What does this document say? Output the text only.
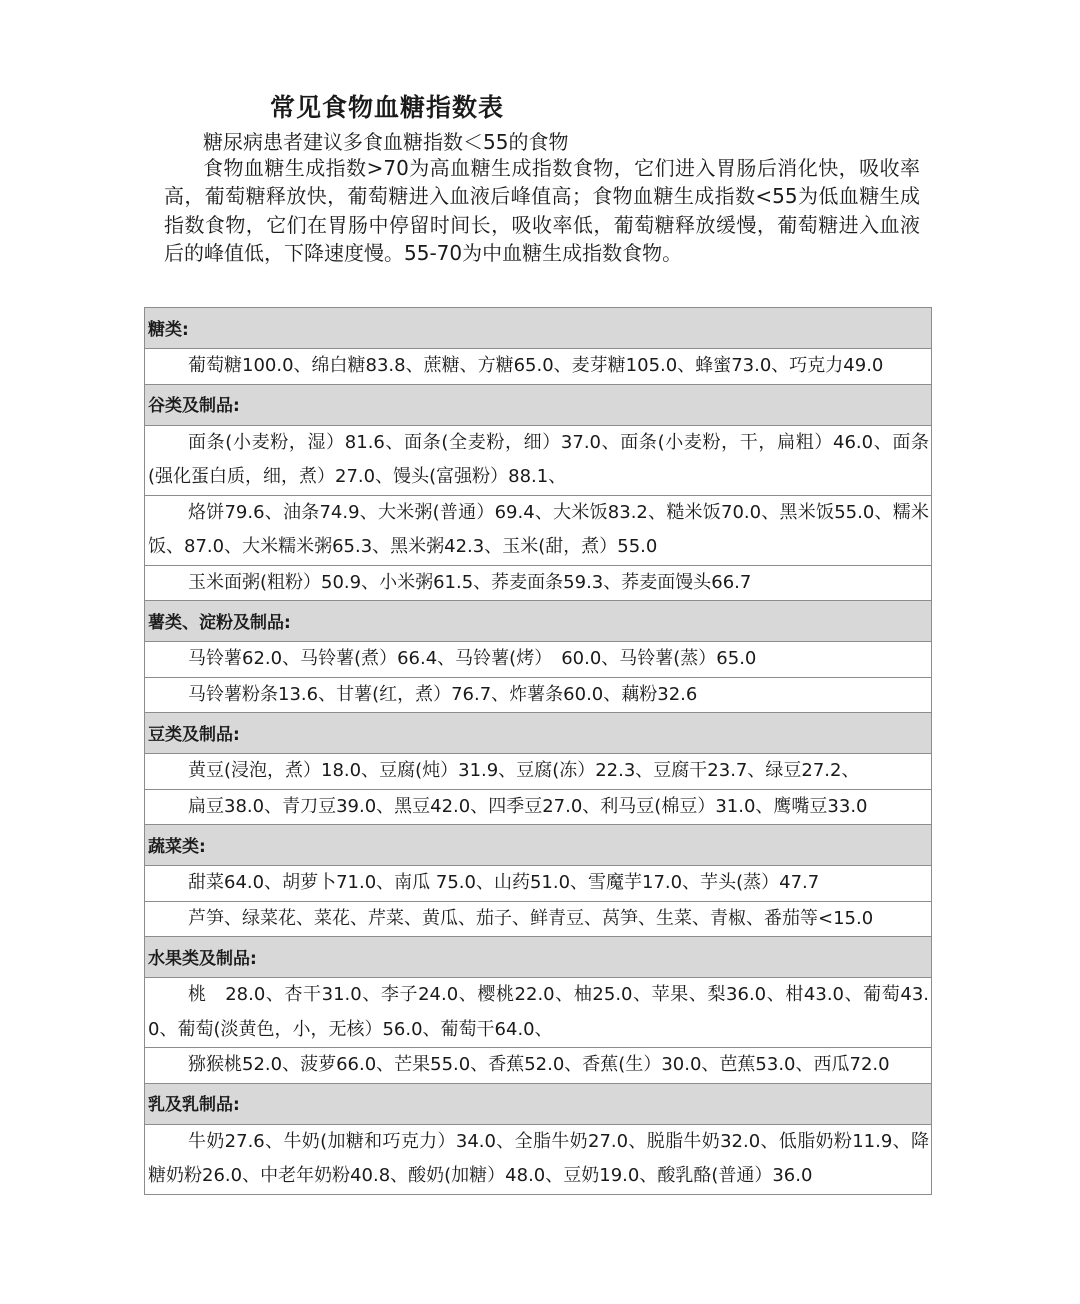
常见食物血糖指数表

糖尿病患者建议多食血糖指数＜55的食物

食物血糖生成指数>70为高血糖生成指数食物，它们进入胃肠后消化快，吸收率高，葡萄糖释放快，葡萄糖进入血液后峰值高；食物血糖生成指数<55为低血糖生成指数食物，它们在胃肠中停留时间长，吸收率低，葡萄糖释放缓慢，葡萄糖进入血液后的峰值低，下降速度慢。55-70为中血糖生成指数食物。

糖类:
葡萄糖100.0、绵白糖83.8、蔗糖、方糖65.0、麦芽糖105.0、蜂蜜73.0、巧克力49.0
谷类及制品:
面条(小麦粉，湿）81.6、面条(全麦粉，细）37.0、面条(小麦粉，干，扁粗）46.0、面条(强化蛋白质，细，煮）27.0、馒头(富强粉）88.1、
烙饼79.6、油条74.9、大米粥(普通）69.4、大米饭83.2、糙米饭70.0、黑米饭55.0、糯米饭、87.0、大米糯米粥65.3、黑米粥42.3、玉米(甜，煮）55.0
玉米面粥(粗粉）50.9、小米粥61.5、荞麦面条59.3、荞麦面馒头66.7
薯类、淀粉及制品:
马铃薯62.0、马铃薯(煮）66.4、马铃薯(烤）　60.0、马铃薯(蒸）65.0
马铃薯粉条13.6、甘薯(红，煮）76.7、炸薯条60.0、藕粉32.6
豆类及制品:
黄豆(浸泡，煮）18.0、豆腐(炖）31.9、豆腐(冻）22.3、豆腐干23.7、绿豆27.2、
扁豆38.0、青刀豆39.0、黑豆42.0、四季豆27.0、利马豆(棉豆）31.0、鹰嘴豆33.0
蔬菜类:
甜菜64.0、胡萝卜71.0、南瓜 75.0、山药51.0、雪魔芋17.0、芋头(蒸）47.7
芦笋、绿菜花、菜花、芹菜、黄瓜、茄子、鲜青豆、莴笋、生菜、青椒、番茄等<15.0
水果类及制品:
桃　28.0、杏干31.0、李子24.0、樱桃22.0、柚25.0、苹果、梨36.0、柑43.0、葡萄43.0、葡萄(淡黄色，小，无核）56.0、葡萄干64.0、
猕猴桃52.0、菠萝66.0、芒果55.0、香蕉52.0、香蕉(生）30.0、芭蕉53.0、西瓜72.0
乳及乳制品:
牛奶27.6、牛奶(加糖和巧克力）34.0、全脂牛奶27.0、脱脂牛奶32.0、低脂奶粉11.9、降糖奶粉26.0、中老年奶粉40.8、酸奶(加糖）48.0、豆奶19.0、酸乳酪(普通）36.0
